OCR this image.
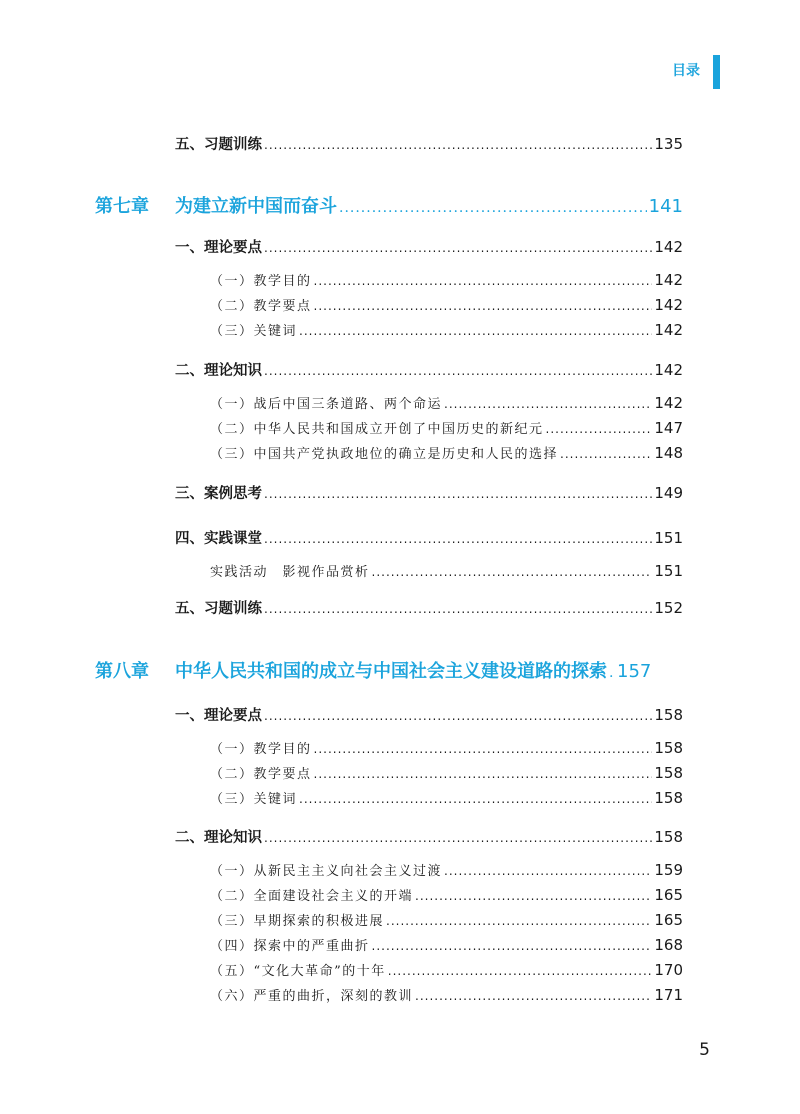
目录
五、习题训练 .....	135
第七章 为建立新中国而奋斗 .....	141
一、理论要点 .....	142
（一）教学目的 .....	142
（二）教学要点 .....	142
（三）关键词 .....	142
二、理论知识 .....	142
（一）战后中国三条道路、两个命运 .....	142
（二）中华人民共和国成立开创了中国历史的新纪元 .....	147
（三）中国共产党执政地位的确立是历史和人民的选择 .....	148
三、案例思考 .....	149
四、实践课堂 .....	151
实践活动　影视作品赏析 .....	151
五、习题训练 .....	152
第八章 中华人民共和国的成立与中国社会主义建设道路的探索 ..... 157
一、理论要点 .....	158
（一）教学目的 .....	158
（二）教学要点 .....	158
（三）关键词 .....	158
二、理论知识 .....	158
（一）从新民主主义向社会主义过渡 .....	159
（二）全面建设社会主义的开端 .....	165
（三）早期探索的积极进展 .....	165
（四）探索中的严重曲折 .....	168
（五）“文化大革命”的十年 .....	170
（六）严重的曲折，深刻的教训 .....	171
5
